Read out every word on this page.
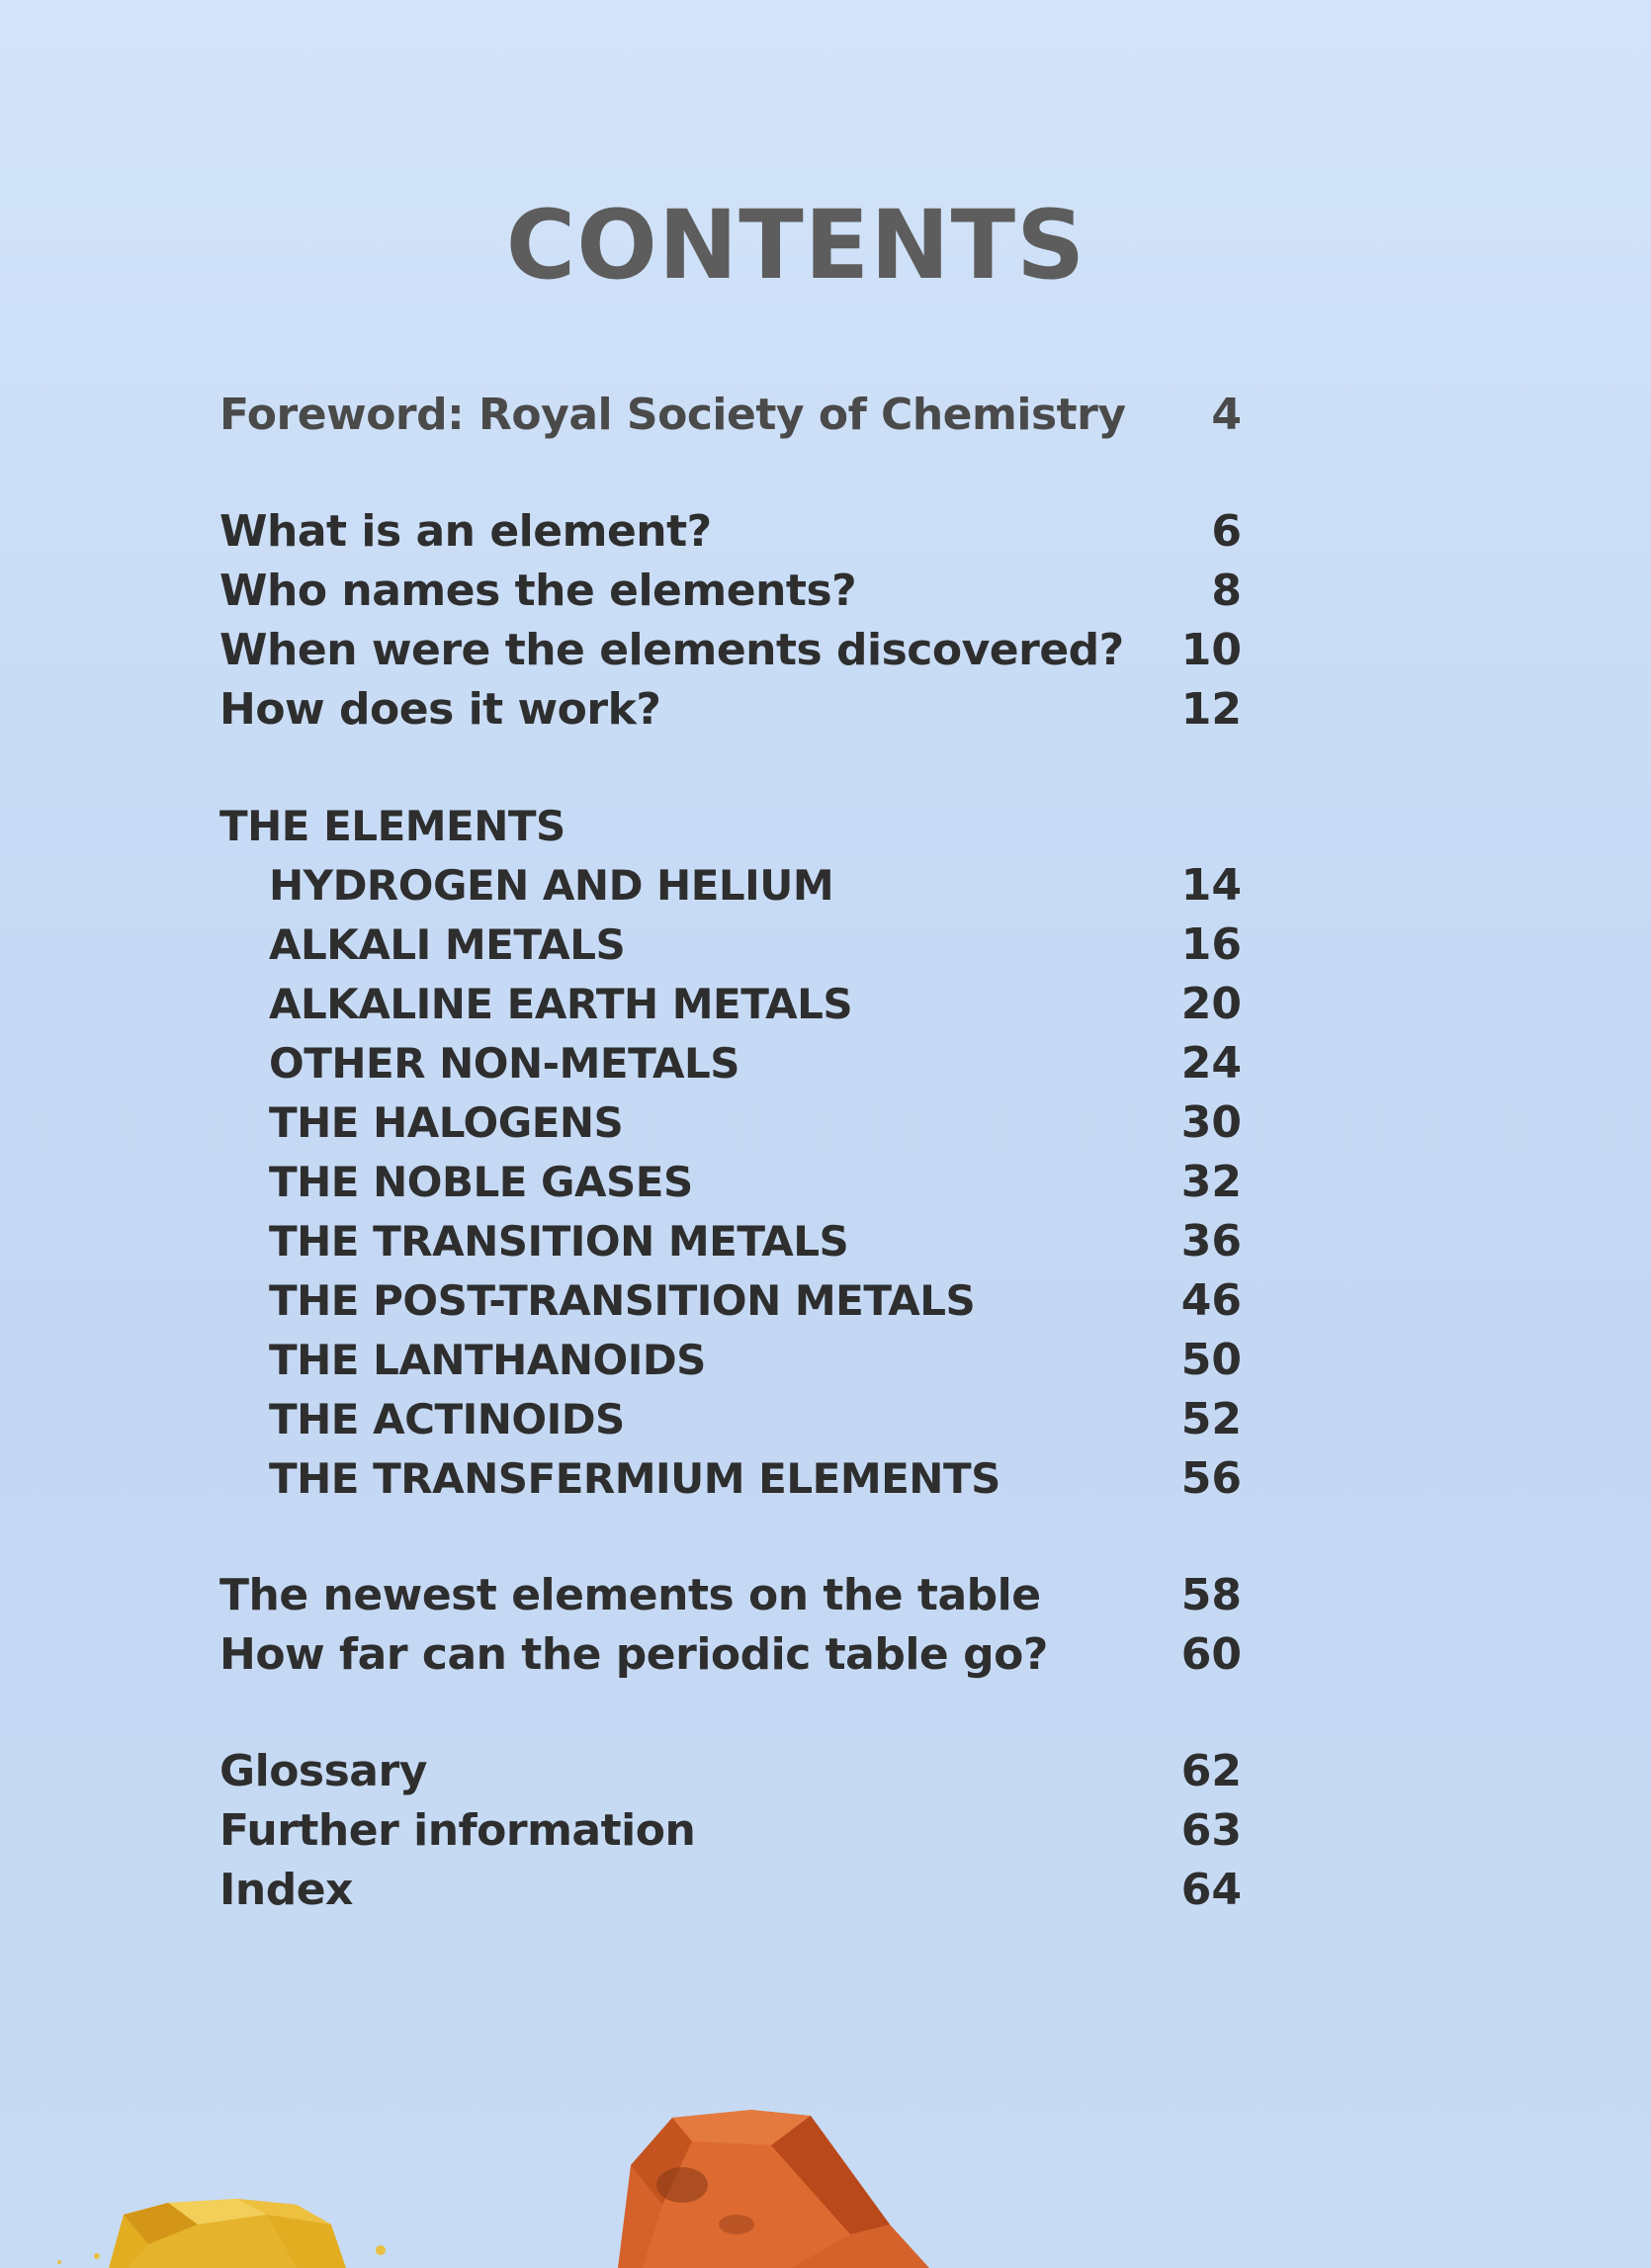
CONTENTS
Foreword: Royal Society of Chemistry	4
What is an element?	6
Who names the elements?	8
When were the elements discovered?	10
How does it work?	12
THE ELEMENTS
HYDROGEN AND HELIUM	14
ALKALI METALS	16
ALKALINE EARTH METALS	20
OTHER NON-METALS	24
THE HALOGENS	30
THE NOBLE GASES	32
THE TRANSITION METALS	36
THE POST-TRANSITION METALS	46
THE LANTHANOIDS	50
THE ACTINOIDS	52
THE TRANSFERMIUM ELEMENTS	56
The newest elements on the table	58
How far can the periodic table go?	60
Glossary	62
Further information	63
Index	64
